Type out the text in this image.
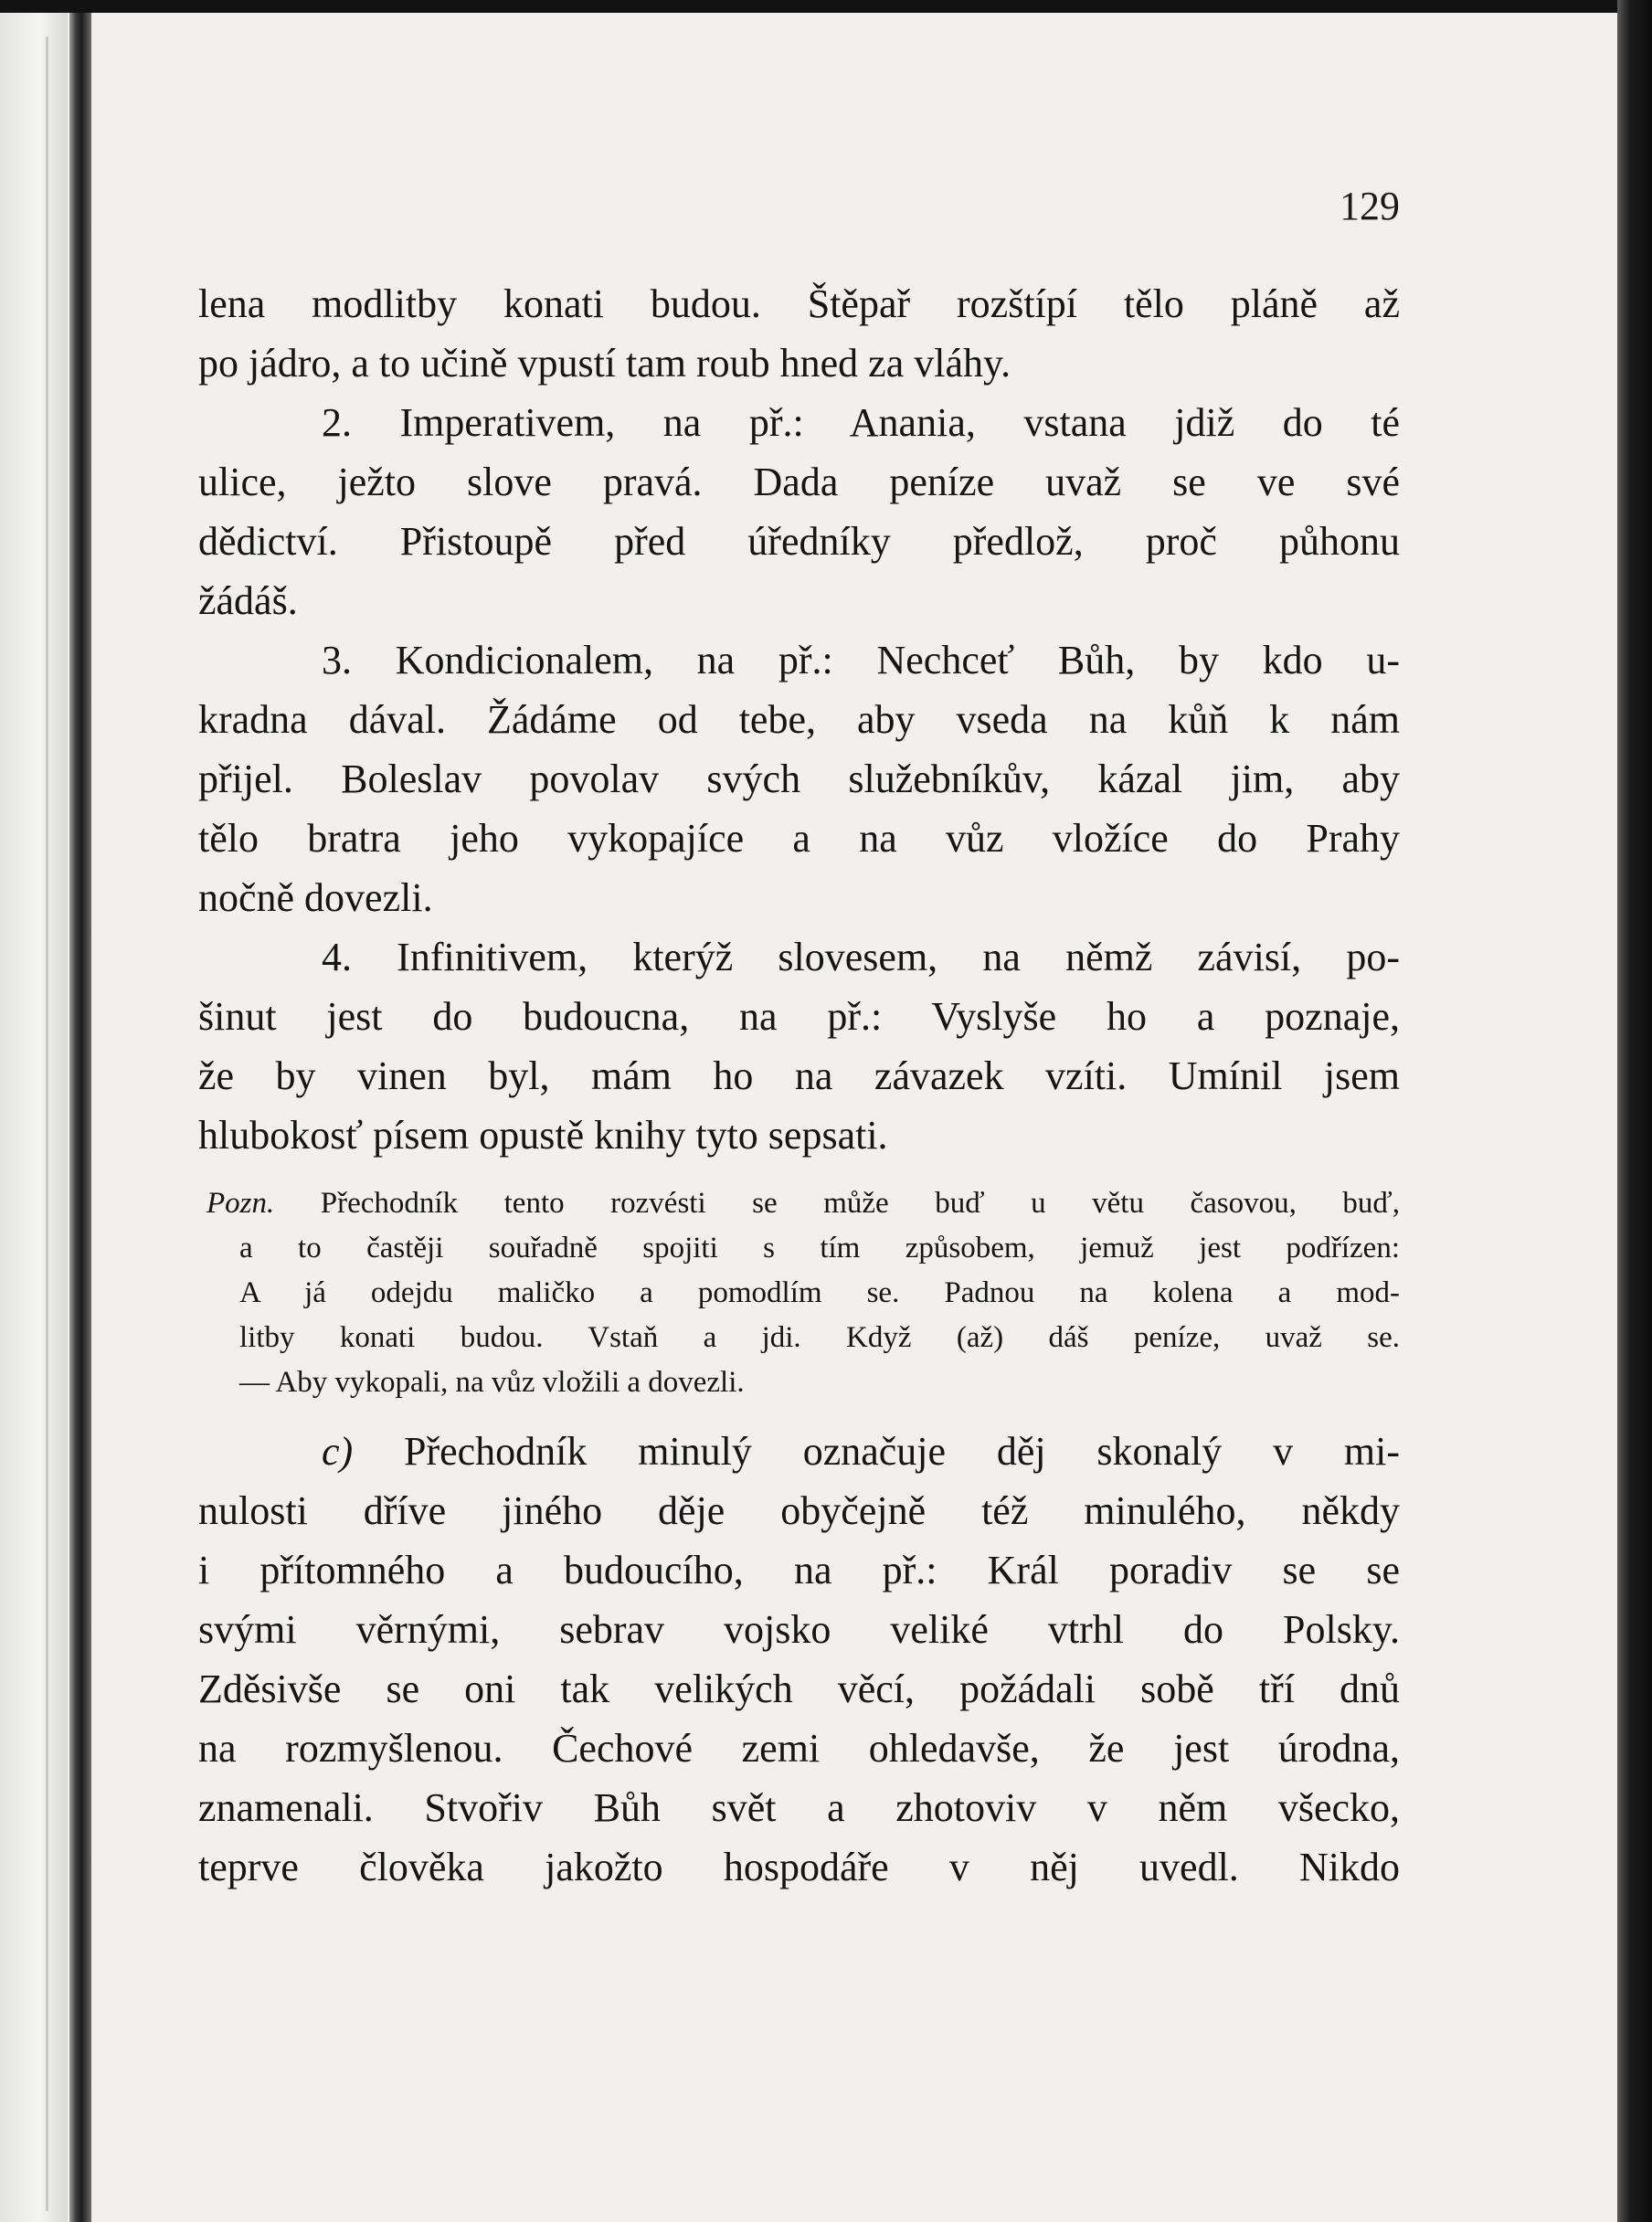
129

lena modlitby konati budou. Štěpař rozštípí tělo pláně až
po jádro, a to učině vpustí tam roub hned za vláhy.
2. Imperativem, na př.: Anania, vstana jdiž do té
ulice, ježto slove pravá. Dada peníze uvaž se ve své
dědictví. Přistoupě před úředníky předlož, proč půhonu
žádáš.
3. Kondicionalem, na př.: Nechceť Bůh, by kdo u-
kradna dával. Žádáme od tebe, aby vseda na kůň k nám
přijel. Boleslav povolav svých služebníkův, kázal jim, aby
tělo bratra jeho vykopajíce a na vůz vložíce do Prahy
nočně dovezli.
4. Infinitivem, kterýž slovesem, na němž závisí, po-
šinut jest do budoucna, na př.: Vyslyše ho a poznaje,
že by vinen byl, mám ho na závazek vzíti. Umínil jsem
hlubokosť písem opustě knihy tyto sepsati.
Pozn. Přechodník tento rozvésti se může buď u větu časovou, buď,
a to častěji souřadně spojiti s tím způsobem, jemuž jest podřízen:
A já odejdu maličko a pomodlím se. Padnou na kolena a mod-
litby konati budou. Vstaň a jdi. Když (až) dáš peníze, uvaž se.
— Aby vykopali, na vůz vložili a dovezli.
c) Přechodník minulý označuje děj skonalý v mi-
nulosti dříve jiného děje obyčejně též minulého, někdy
i přítomného a budoucího, na př.: Král poradiv se se
svými věrnými, sebrav vojsko veliké vtrhl do Polsky.
Zděsivše se oni tak velikých věcí, požádali sobě tří dnů
na rozmyšlenou. Čechové zemi ohledavše, že jest úrodna,
znamenali. Stvořiv Bůh svět a zhotoviv v něm všecko,
teprve člověka jakožto hospodáře v něj uvedl. Nikdo
